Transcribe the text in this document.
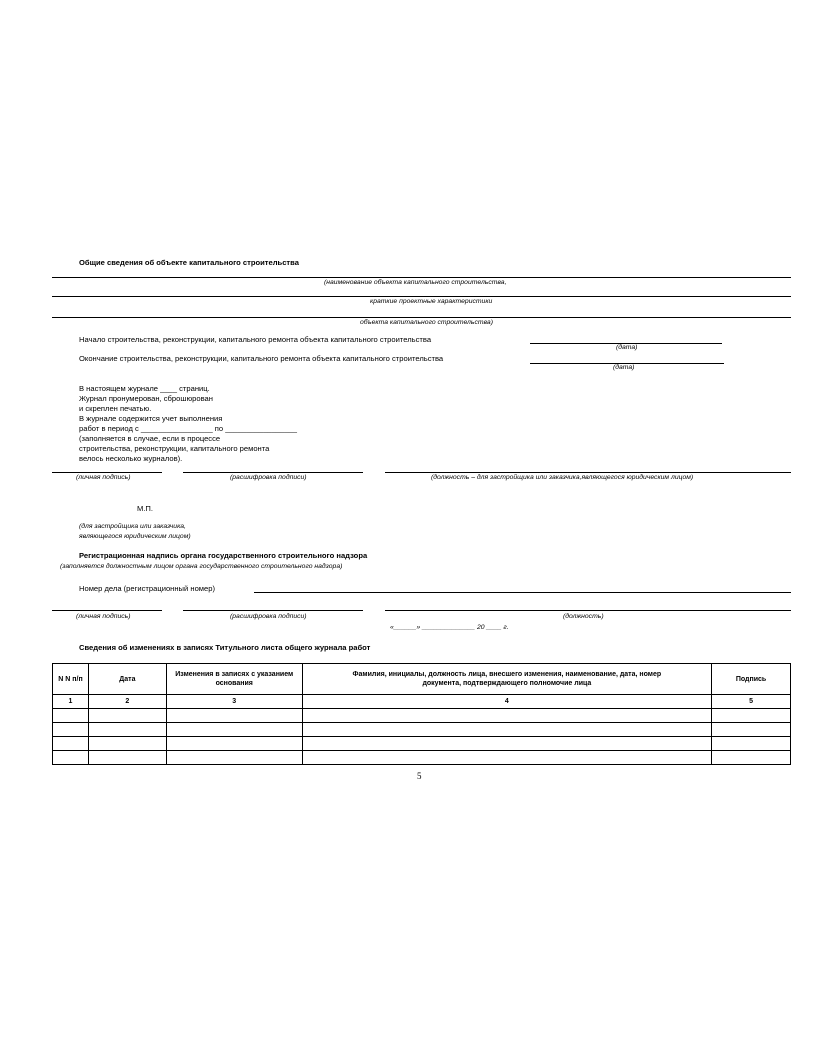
Общие сведения об объекте капитального строительства
(наименование объекта капитального строительства,
краткие проектные характеристики
объекта капитального строительства)
Начало строительства, реконструкции, капитального ремонта объекта капитального строительства
(дата)
Окончание строительства, реконструкции, капитального ремонта объекта капитального строительства
(дата)
В настоящем журнале ____ страниц.
Журнал пронумерован, сброшюрован
и скреплен печатью.
В журнале содержится учет выполнения
работ в период с _________________ по _________________
(заполняется в случае, если в процессе
строительства, реконструкции, капитального ремонта
велось несколько журналов).
(личная подпись)	(расшифровка подписи)	(должность – для застройщика или заказчика,являющегося юридическим лицом)
М.П.
(для застройщика или заказчика,
являющегося юридическим лицом)
Регистрационная надпись органа государственного строительного надзора
(заполняется должностным лицом органа государственного строительного надзора)
Номер дела (регистрационный номер)
(личная подпись)	(расшифровка подписи)	(должность)
«______» ______________ 20 ____ г.
Сведения об изменениях в записях Титульного листа общего журнала работ
N N п/п	Дата	Изменения в записях с указанием основания	Фамилия, инициалы, должность лица, внесшего изменения, наименование, дата, номер документа, подтверждающего полномочие лица	Подпись
1	2	3	4	5

5
